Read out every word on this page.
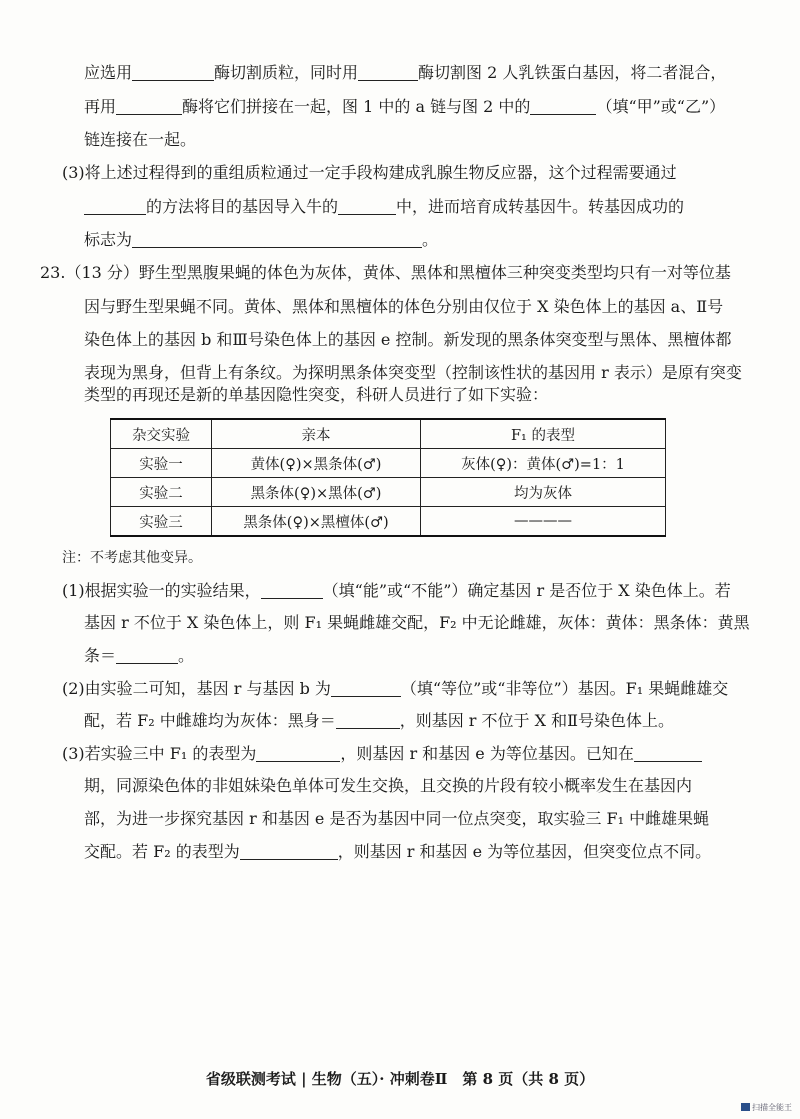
应选用	酶切割质粒，同时用	酶切割图 2 人乳铁蛋白基因，将二者混合，
再用	酶将它们拼接在一起，图 1 中的 a 链与图 2 中的	（填“甲”或“乙”）
链连接在一起。
(3)将上述过程得到的重组质粒通过一定手段构建成乳腺生物反应器，这个过程需要通过
的方法将目的基因导入牛的	中，进而培育成转基因牛。转基因成功的
标志为	。
23.（13 分）野生型黑腹果蝇的体色为灰体，黄体、黑体和黑檀体三种突变类型均只有一对等位基
因与野生型果蝇不同。黄体、黑体和黑檀体的体色分别由仅位于 X 染色体上的基因 a、Ⅱ号
染色体上的基因 b 和Ⅲ号染色体上的基因 e 控制。新发现的黑条体突变型与黑体、黑檀体都
表现为黑身，但背上有条纹。为探明黑条体突变型（控制该性状的基因用 r 表示）是原有突变
类型的再现还是新的单基因隐性突变，科研人员进行了如下实验：
杂交实验	亲本	F₁ 的表型
实验一	黄体(♀)×黑条体(♂)	灰体(♀)：黄体(♂)=1：1
实验二	黑条体(♀)×黑体(♂)	均为灰体
实验三	黑条体(♀)×黑檀体(♂)	————
注：不考虑其他变异。
(1)根据实验一的实验结果，	（填“能”或“不能”）确定基因 r 是否位于 X 染色体上。若
基因 r 不位于 X 染色体上，则 F₁ 果蝇雌雄交配，F₂ 中无论雌雄，灰体：黄体：黑条体：黄黑
条＝	。
(2)由实验二可知，基因 r 与基因 b 为	（填“等位”或“非等位”）基因。F₁ 果蝇雌雄交
配，若 F₂ 中雌雄均为灰体：黑身＝	，则基因 r 不位于 X 和Ⅱ号染色体上。
(3)若实验三中 F₁ 的表型为	，则基因 r 和基因 e 为等位基因。已知在
期，同源染色体的非姐妹染色单体可发生交换，且交换的片段有较小概率发生在基因内
部，为进一步探究基因 r 和基因 e 是否为基因中同一位点突变，取实验三 F₁ 中雌雄果蝇
交配。若 F₂ 的表型为	，则基因 r 和基因 e 为等位基因，但突变位点不同。
省级联测考试 | 生物（五）· 冲刺卷Ⅱ　第 8 页（共 8 页）
扫描全能王
